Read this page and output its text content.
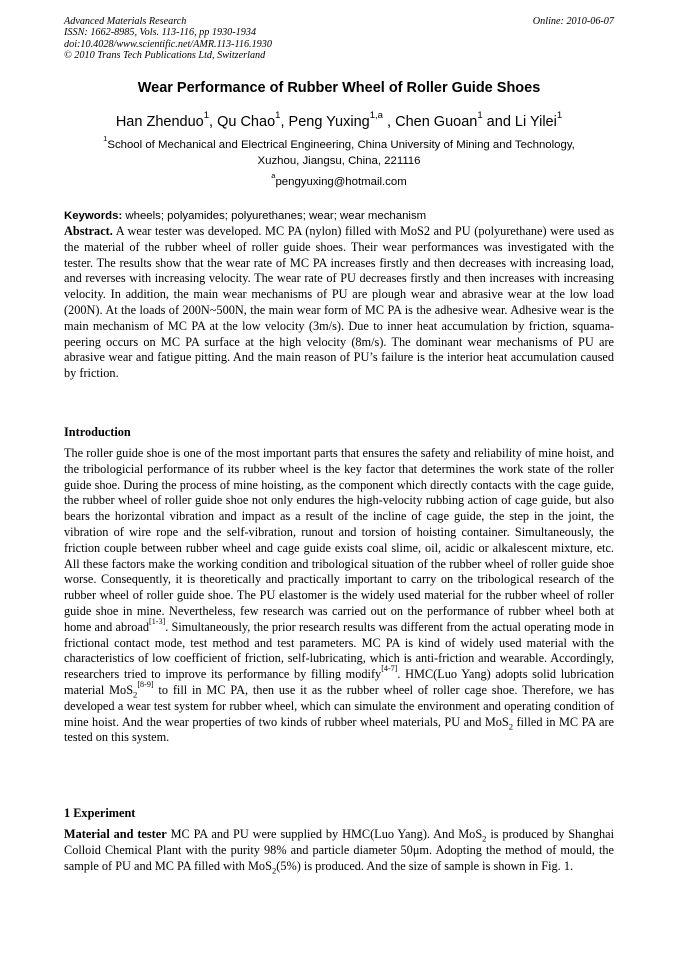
Advanced Materials Research
ISSN: 1662-8985, Vols. 113-116, pp 1930-1934
doi:10.4028/www.scientific.net/AMR.113-116.1930
© 2010 Trans Tech Publications Ltd, Switzerland
Online: 2010-06-07
Wear Performance of Rubber Wheel of Roller Guide Shoes
Han Zhenduo$^1$, Qu Chao$^1$, Peng Yuxing$^{1,a}$ , Chen Guoan$^1$ and Li Yilei$^1$
$^1$School of Mechanical and Electrical Engineering, China University of Mining and Technology,
Xuzhou, Jiangsu, China, 221116
$^a$pengyuxing@hotmail.com
Keywords: wheels; polyamides; polyurethanes; wear; wear mechanism
Abstract. A wear tester was developed. MC PA (nylon) filled with MoS2 and PU (polyurethane) were used as the material of the rubber wheel of roller guide shoes. Their wear performances was investigated with the tester. The results show that the wear rate of MC PA increases firstly and then decreases with increasing load, and reverses with increasing velocity. The wear rate of PU decreases firstly and then increases with increasing velocity. In addition, the main wear mechanisms of PU are plough wear and abrasive wear at the low load (200N). At the loads of 200N~500N, the main wear form of MC PA is the adhesive wear. Adhesive wear is the main mechanism of MC PA at the low velocity (3m/s). Due to inner heat accumulation by friction, squama-peering occurs on MC PA surface at the high velocity (8m/s). The dominant wear mechanisms of PU are abrasive wear and fatigue pitting. And the main reason of PU’s failure is the interior heat accumulation caused by friction.
Introduction
The roller guide shoe is one of the most important parts that ensures the safety and reliability of mine hoist, and the tribologicial performance of its rubber wheel is the key factor that determines the work state of the roller guide shoe. During the process of mine hoisting, as the component which directly contacts with the cage guide, the rubber wheel of roller guide shoe not only endures the high-velocity rubbing action of cage guide, but also bears the horizontal vibration and impact as a result of the incline of cage guide, the step in the joint, the vibration of wire rope and the self-vibration, runout and torsion of hoisting container. Simultaneously, the friction couple between rubber wheel and cage guide exists coal slime, oil, acidic or alkalescent mixture, etc. All these factors make the working condition and tribological situation of the rubber wheel of roller guide shoe worse. Consequently, it is theoretically and practically important to carry on the tribological research of the rubber wheel of roller guide shoe. The PU elastomer is the widely used material for the rubber wheel of roller guide shoe in mine. Nevertheless, few research was carried out on the performance of rubber wheel both at home and abroad[1-3]. Simultaneously, the prior research results was different from the actual operating mode in frictional contact mode, test method and test parameters. MC PA is kind of widely used material with the characteristics of low coefficient of friction, self-lubricating, which is anti-friction and wearable. Accordingly, researchers tried to improve its performance by filling modify[4-7]. HMC(Luo Yang) adopts solid lubrication material MoS$_2$[8-9] to fill in MC PA, then use it as the rubber wheel of roller cage shoe. Therefore, we has developed a wear test system for rubber wheel, which can simulate the environment and operating condition of mine hoist. And the wear properties of two kinds of rubber wheel materials, PU and MoS$_2$ filled in MC PA are tested on this system.
1 Experiment
Material and tester MC PA and PU were supplied by HMC(Luo Yang). And MoS$_2$ is produced by Shanghai Colloid Chemical Plant with the purity 98% and particle diameter 50μm. Adopting the method of mould, the sample of PU and MC PA filled with MoS$_2$(5%) is produced. And the size of sample is shown in Fig. 1.
